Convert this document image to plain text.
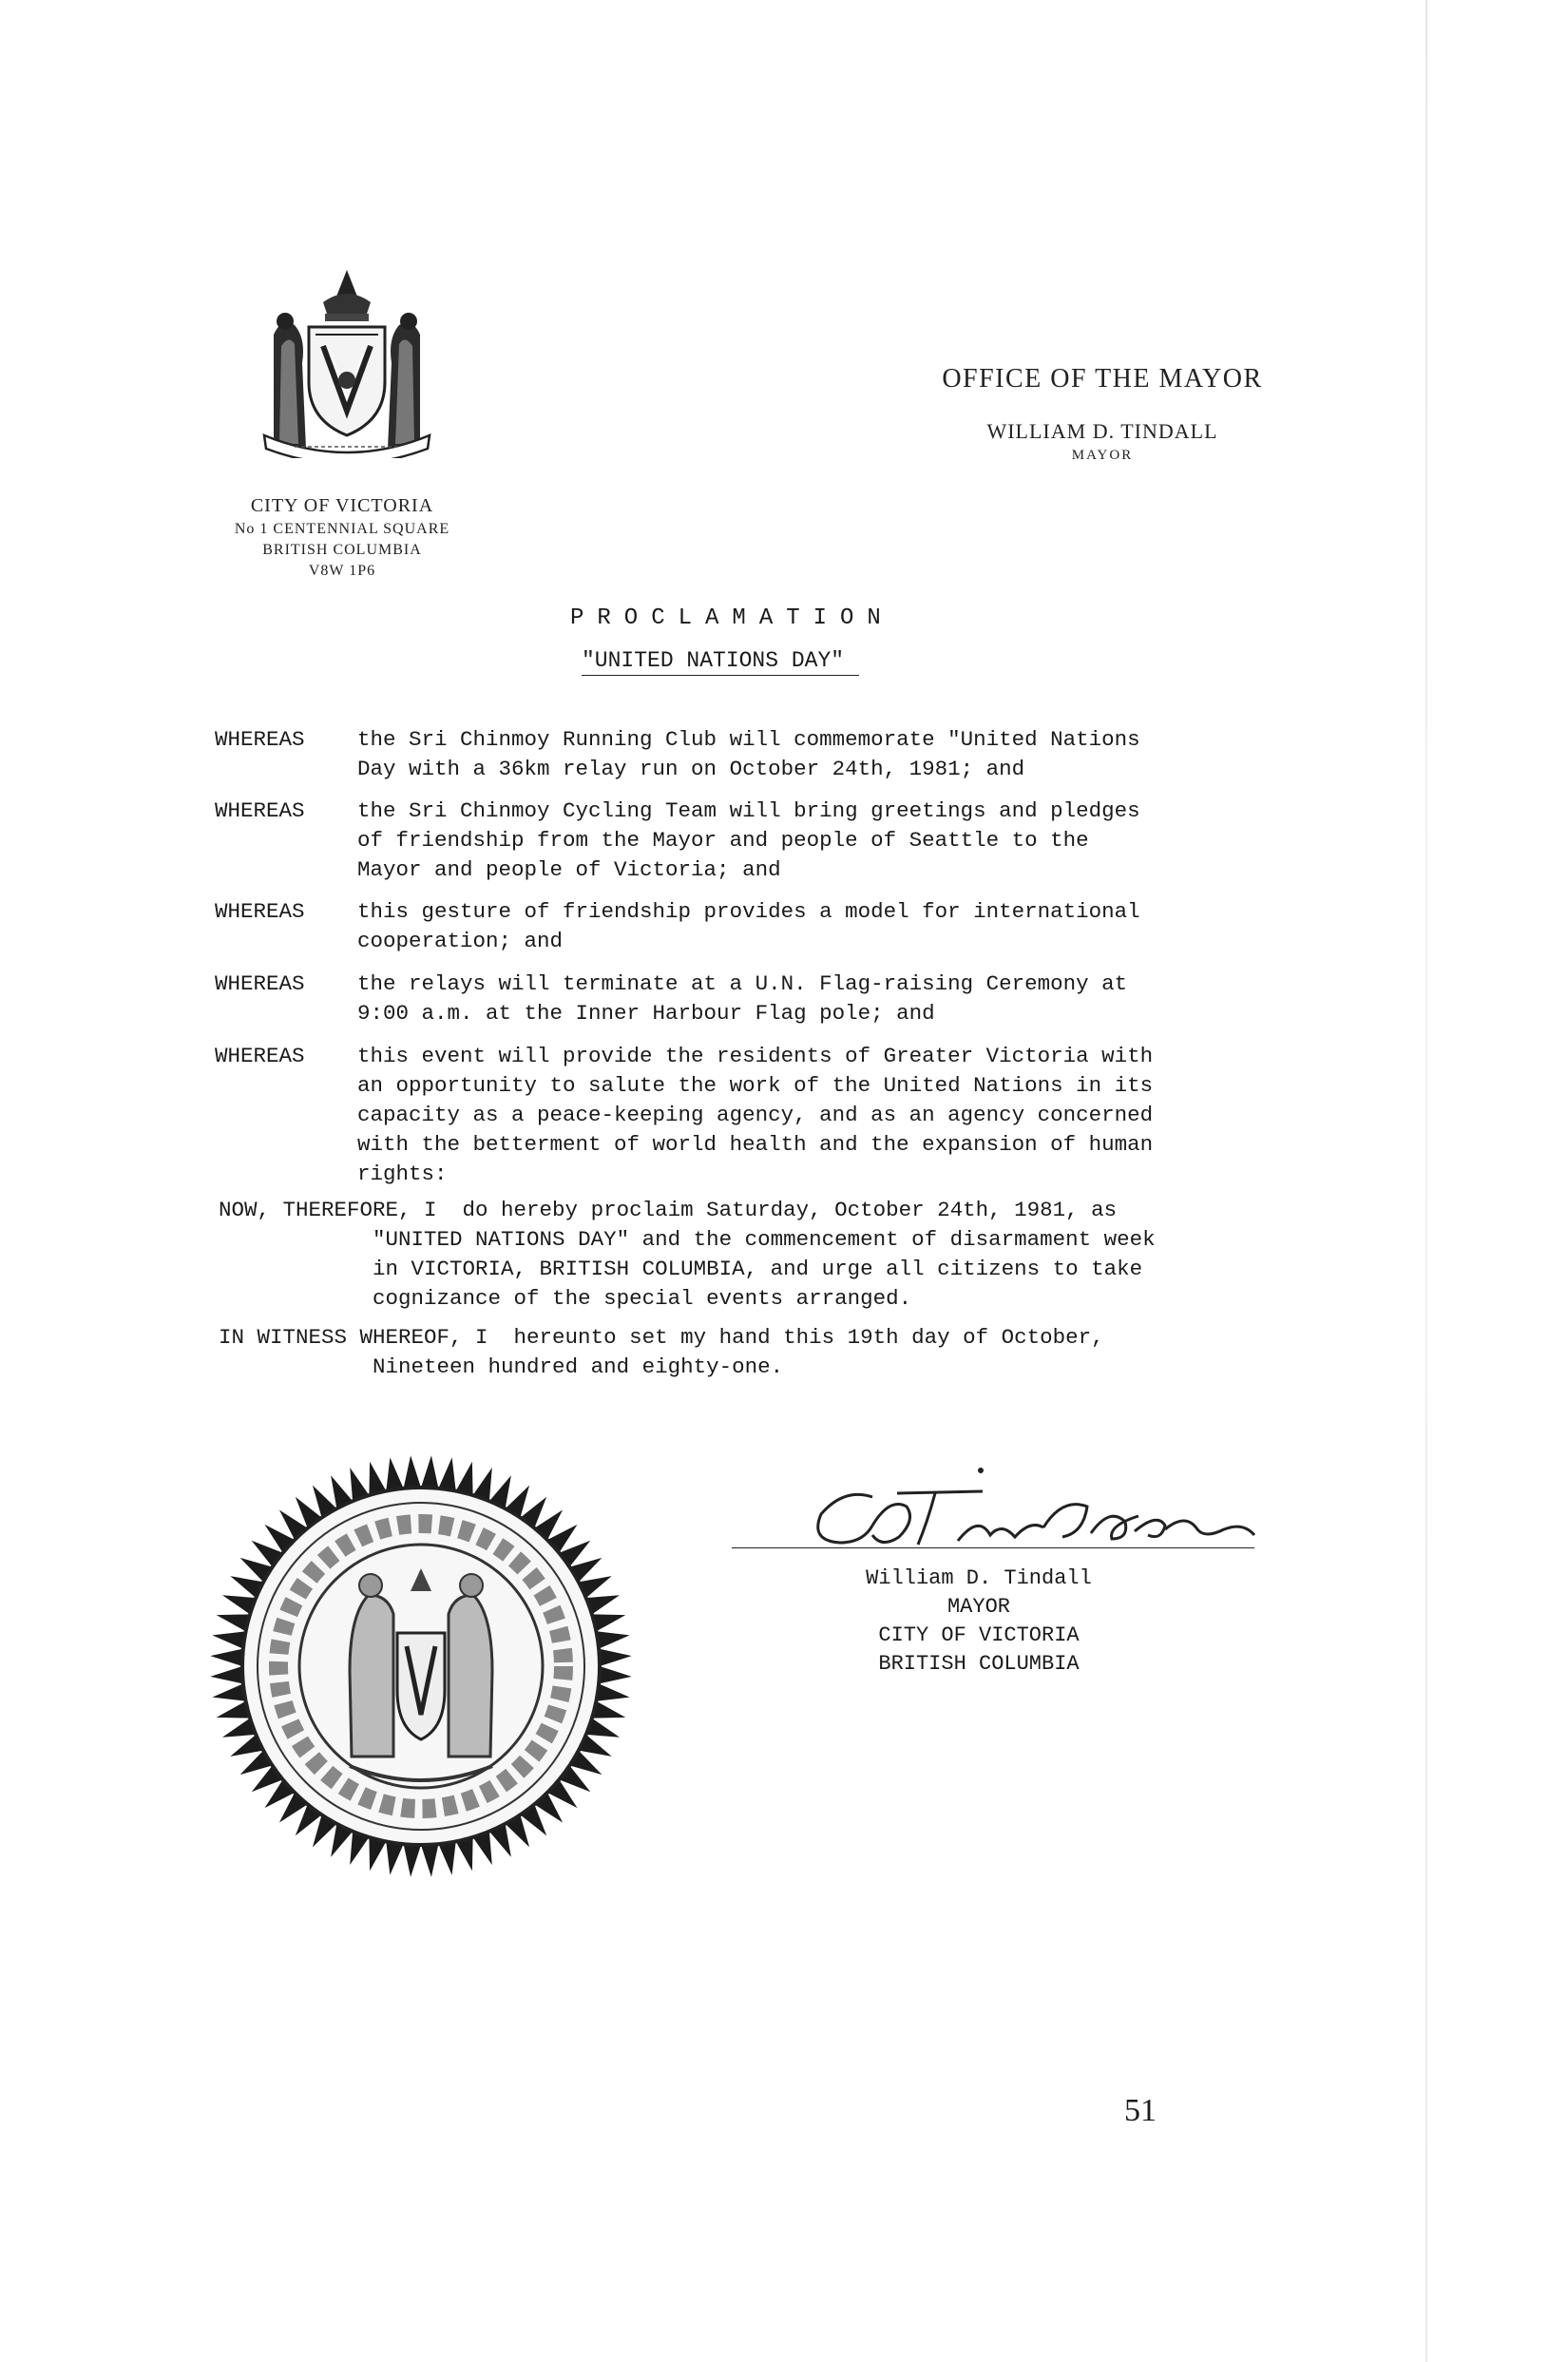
CITY OF VICTORIA
No 1 CENTENNIAL SQUARE
BRITISH COLUMBIA
V8W 1P6
OFFICE OF THE MAYOR
WILLIAM D. TINDALL
MAYOR
PROCLAMATION
"UNITED NATIONS DAY"
WHEREAS the Sri Chinmoy Running Club will commemorate "United Nations
Day with a 36km relay run on October 24th, 1981; and
WHEREAS the Sri Chinmoy Cycling Team will bring greetings and pledges
of friendship from the Mayor and people of Seattle to the
Mayor and people of Victoria; and
WHEREAS this gesture of friendship provides a model for international
cooperation; and
WHEREAS the relays will terminate at a U.N. Flag-raising Ceremony at
9:00 a.m. at the Inner Harbour Flag pole; and
WHEREAS this event will provide the residents of Greater Victoria with
an opportunity to salute the work of the United Nations in its
capacity as a peace-keeping agency, and as an agency concerned
with the betterment of world health and the expansion of human
rights:
NOW, THEREFORE, I  do hereby proclaim Saturday, October 24th, 1981, as
"UNITED NATIONS DAY" and the commencement of disarmament week
in VICTORIA, BRITISH COLUMBIA, and urge all citizens to take
cognizance of the special events arranged.
IN WITNESS WHEREOF, I  hereunto set my hand this 19th day of October,
Nineteen hundred and eighty-one.
William D. Tindall
MAYOR
CITY OF VICTORIA
BRITISH COLUMBIA
51
